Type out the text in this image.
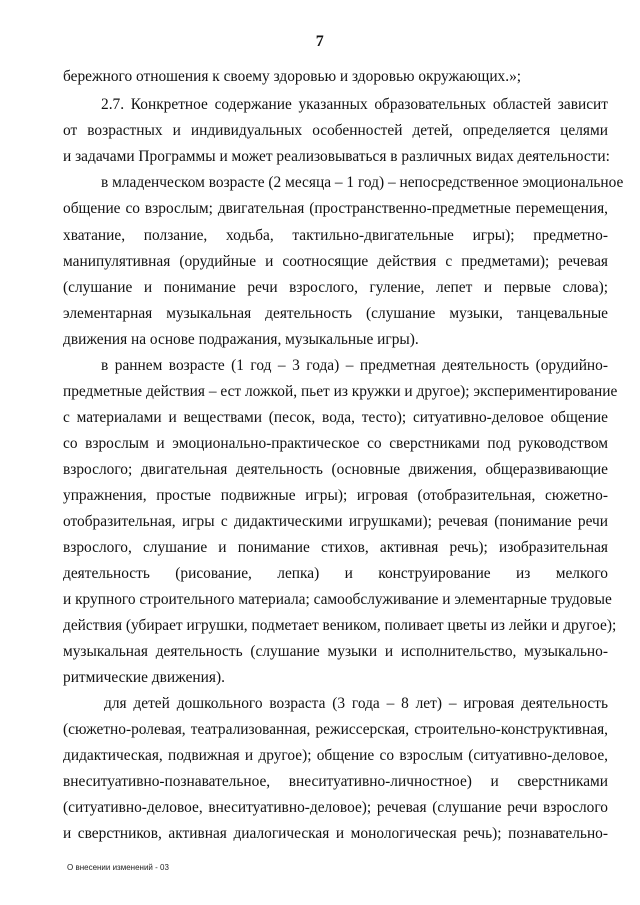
7
бережного отношения к своему здоровью и здоровью окружающих.»;
2.7. Конкретное содержание указанных образовательных областей зависит
от возрастных и индивидуальных особенностей детей, определяется целями
и задачами Программы и может реализовываться в различных видах деятельности:
в младенческом возрасте (2 месяца – 1 год) – непосредственное эмоциональное
общение со взрослым; двигательная (пространственно-предметные перемещения,
хватание, ползание, ходьба, тактильно-двигательные игры); предметно-
манипулятивная (орудийные и соотносящие действия с предметами); речевая
(слушание и понимание речи взрослого, гуление, лепет и первые слова);
элементарная музыкальная деятельность (слушание музыки, танцевальные
движения на основе подражания, музыкальные игры).
в раннем возрасте (1 год – 3 года) – предметная деятельность (орудийно-
предметные действия – ест ложкой, пьет из кружки и другое); экспериментирование
с материалами и веществами (песок, вода, тесто); ситуативно-деловое общение
со взрослым и эмоционально-практическое со сверстниками под руководством
взрослого; двигательная деятельность (основные движения, общеразвивающие
упражнения, простые подвижные игры); игровая (отобразительная, сюжетно-
отобразительная, игры с дидактическими игрушками); речевая (понимание речи
взрослого, слушание и понимание стихов, активная речь); изобразительная
деятельность (рисование, лепка) и конструирование из мелкого
и крупного строительного материала; самообслуживание и элементарные трудовые
действия (убирает игрушки, подметает веником, поливает цветы из лейки и другое);
музыкальная деятельность (слушание музыки и исполнительство, музыкально-
ритмические движения).
для детей дошкольного возраста (3 года – 8 лет) – игровая деятельность
(сюжетно-ролевая, театрализованная, режиссерская, строительно-конструктивная,
дидактическая, подвижная и другое); общение со взрослым (ситуативно-деловое,
внеситуативно-познавательное, внеситуативно-личностное) и сверстниками
(ситуативно-деловое, внеситуативно-деловое); речевая (слушание речи взрослого
и сверстников, активная диалогическая и монологическая речь); познавательно-
О внесении изменений - 03
